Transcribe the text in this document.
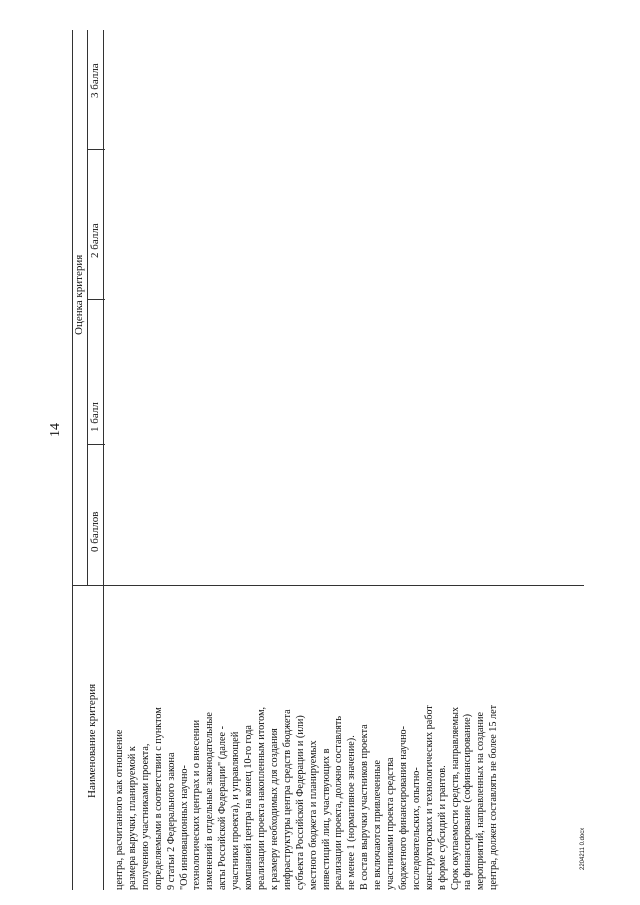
14
Наименование критерия
Оценка критерия
0 баллов
1 балл
2 балла
3 балла
центра, расчитанного как отношение размера выручки, планируемой к получению участниками проекта, определяемыми в соответствии с пунктом 9 статьи 2 Федерального закона "Об инновационных научно- технологических центрах и о внесении изменений в отдельные законодательные акты Российской Федерации" (далее - участники проекта), и управляющей компанией центра на конец 10-го года реализации проекта накопленным итогом, к размеру необходимых для создания инфраструктуры центра средств бюджета субъекта Российской Федерации и (или) местного бюджета и планируемых инвестиций лиц, участвующих в реализации проекта, должно составлять не менее 1 (нормативное значение). В состав выручки участников проекта не включаются привлеченные участниками проекта средства бюджетного финансирования научно- исследовательских, опытно- конструкторских и технологических работ в форме субсидий и грантов. Срок окупаемости средств, направляемых на финансирование (софинансирование) мероприятий, направленных на создание центра, должен составлять не более 15 лет	2204211 0.docx
